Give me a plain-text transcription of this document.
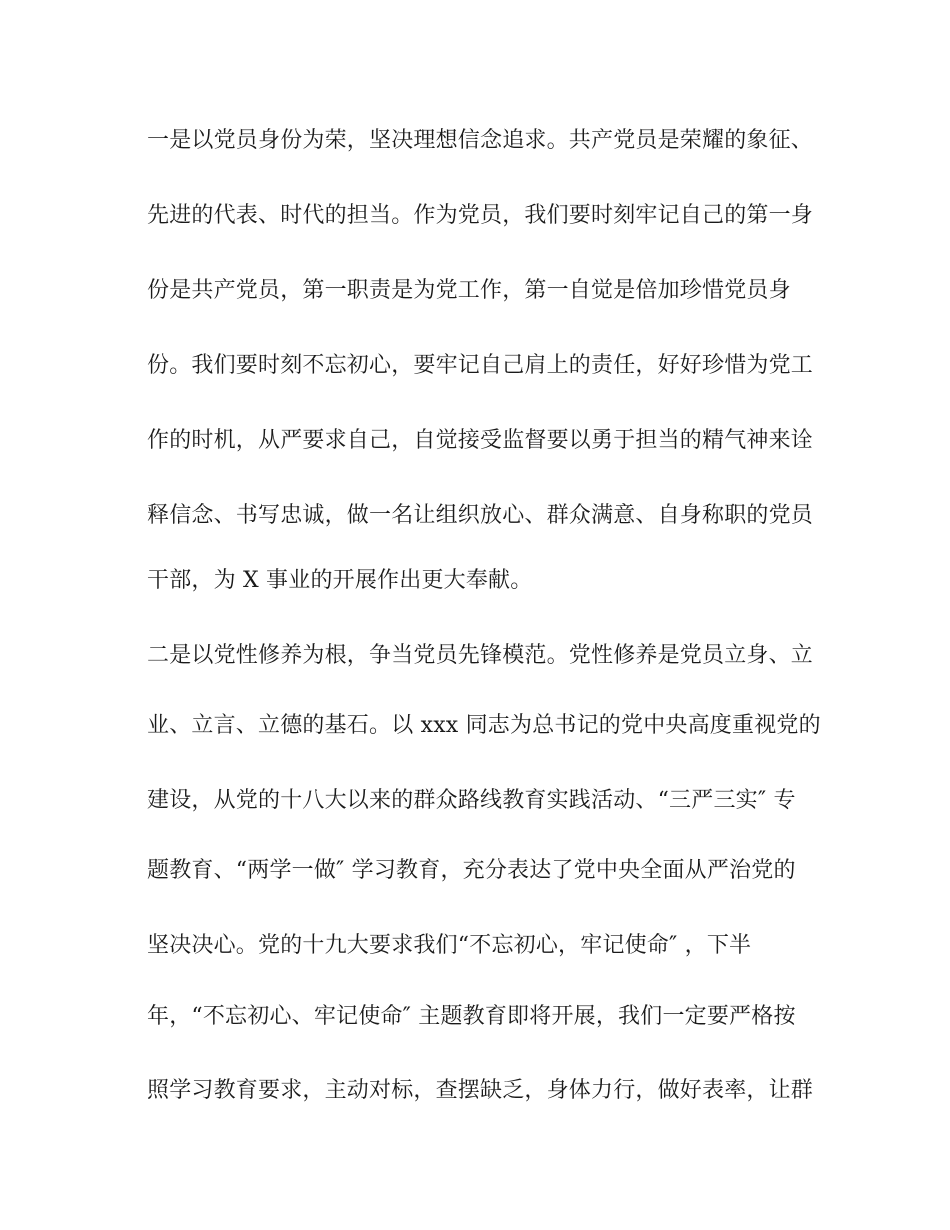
一是以党员身份为荣，坚决理想信念追求。共产党员是荣耀的象征、
先进的代表、时代的担当。作为党员，我们要时刻牢记自己的第一身
份是共产党员，第一职责是为党工作，第一自觉是倍加珍惜党员身
份。我们要时刻不忘初心，要牢记自己肩上的责任，好好珍惜为党工
作的时机，从严要求自己，自觉接受监督要以勇于担当的精气神来诠
释信念、书写忠诚，做一名让组织放心、群众满意、自身称职的党员
干部，为 X 事业的开展作出更大奉献。
二是以党性修养为根，争当党员先锋模范。党性修养是党员立身、立
业、立言、立德的基石。以 xxx 同志为总书记的党中央高度重视党的
建设，从党的十八大以来的群众路线教育实践活动、“三严三实″ 专
题教育、“两学一做″ 学习教育，充分表达了党中央全面从严治党的
坚决决心。党的十九大要求我们“不忘初心，牢记使命″ ，下半
年，“不忘初心、牢记使命″ 主题教育即将开展，我们一定要严格按
照学习教育要求，主动对标，查摆缺乏，身体力行，做好表率，让群
